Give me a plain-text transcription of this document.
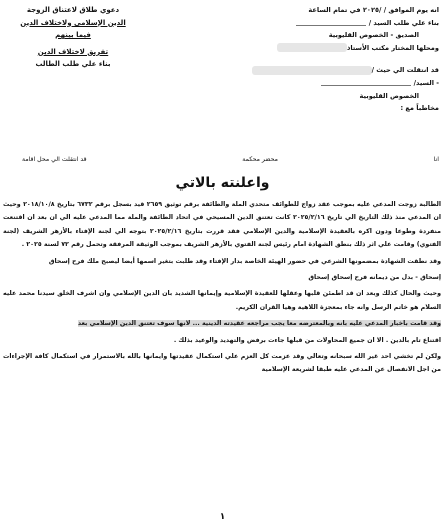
انه يوم الموافق / /٢٠٢٥ في تمام الساعة
بناء علي طلب السيد /
الصديق - الخصوص القليوبية
ومحلها المختار مكتب الأستاذ
قد انتقلت الي حيث /
- السيد/
الخصوص القليوبية
مخاطباً مع :
دعوي طلاق لاعتناق الزوجة
الدين الإسلامي ولاختلاف الدين
فيما بينهم
تفريق لاختلاف الدين
بناء علي طلب الطالب
انا
محضر محكمة
قد انتقلت الي محل اقامة
واعلنته بالاتي

الطالبة زوجت المدعي عليه بموجب عقد زواج للطوائف متحدي الملة والطائفة برقم توثيق ٢٦٥٩ قيد بسجل برقم ٦٧٣٢ بتاريخ ٢٠١٨/١٠/٨ وحيث ان المدعي منذ ذلك التاريخ الي تاريخ ٢٠٢٥/٢/١٦ كانت تعتنق الدين المسيحي في اتحاد الطائفة والملة مما المدعي عليه الي ان بعد ان اقتنعت منفردة وطوعا ودون اكره بالعقيدة الإسلامية والدين الإسلامي فقد قررت بتاريخ ٢٠٢٥/٢/١٦ بتوجه الي لجنة الإفتاء بالأزهر الشريف (لجنة الفتوي) وقامت علي اثر ذلك بنطق الشهادة امام رئيس لجنة الفتوي بالأزهر الشريف بموجب الوثيقة المرفقة وتحمل رقم ٧٢ لسنة ٢٠٢٥ .

وقد نطقت الشهادة بمضمونها الشرعي في حضور الهيئة الخاصة بدار الإفتاء وقد طلبت بتغير اسمها أيضا ليصبح ملك فرح إسحاق

إسحاق - بدل من ديمانه فرح إسحاق إسحاق

وحيث والحال كذلك وبعد ان قد اطمئن قلبها وعقلها للعقيدة الإسلامية وإيمانها الشديد بان الدين الإسلامي وان اشرف الخلق سيدنا محمد عليه السلام هو خاتم الرسل وانه جاء بمعجزة اللاهية وهيا القران الكريم.

وقد قامت باخبار المدعي عليه بانه وبالمعترضه معا يجب مراجعه عقيدته الدينية ... لانها سوف تعتنق الدين الإسلامي بعد

اقتناع تام بالدين . الا ان جميع المحاولات من قبلها جاءت برفض والتهديد والوعيد بذلك .

ولكن لم تخشي احد غير الله سبحانه وتعالي وقد عزمت كل العزم علي استكمال عقيدتها وايمانها بالله بالاستمرار في استكمال كافة الإجراءات من اجل الانفصال عن المدعي عليه طبقا لشريعة الإسلامية

١
